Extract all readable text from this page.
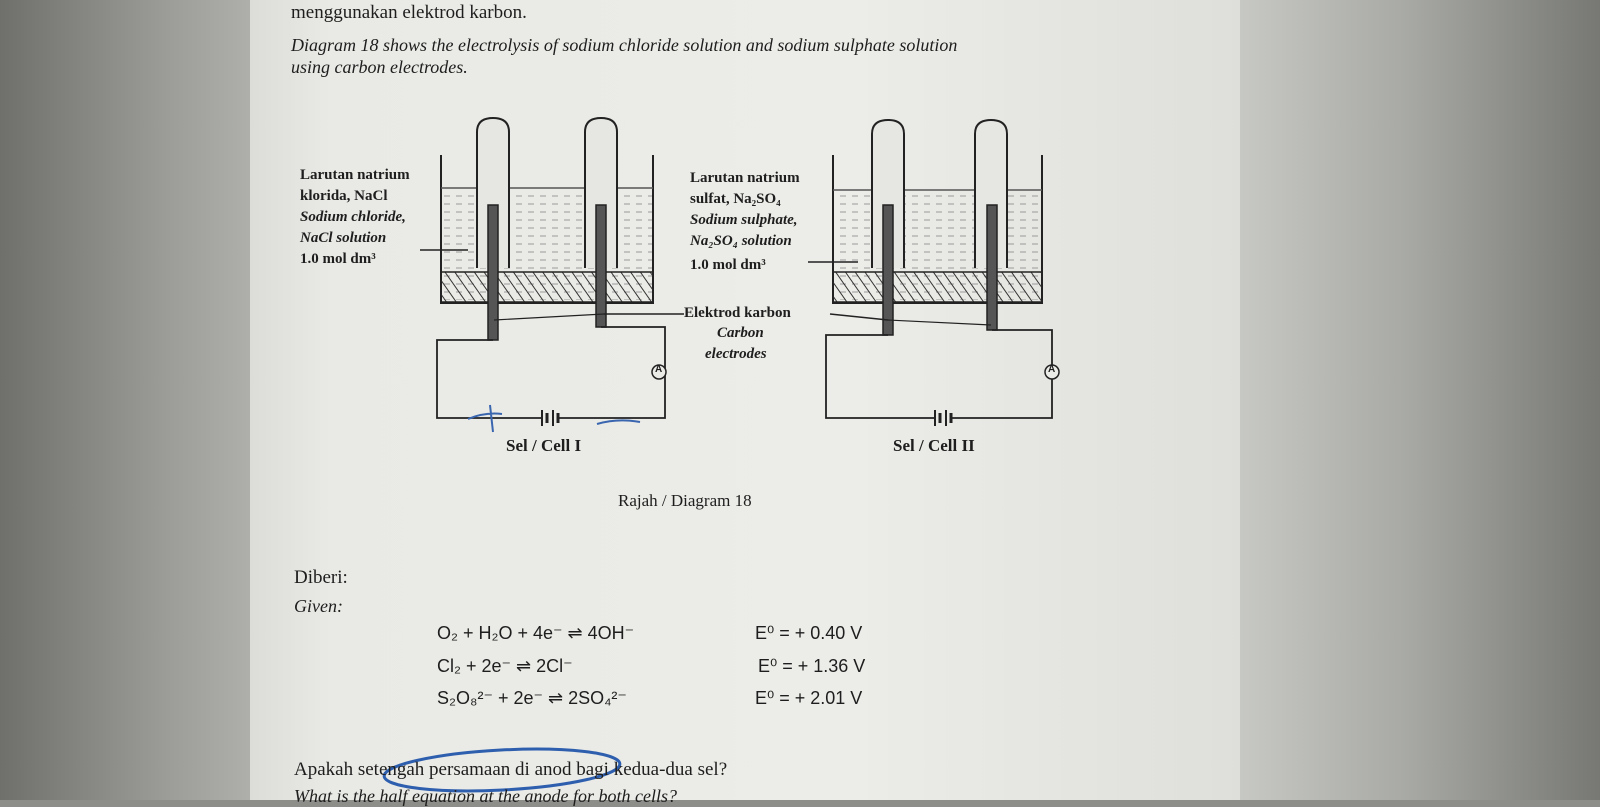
menggunakan elektrod karbon.
Diagram 18 shows the electrolysis of sodium chloride solution and sodium sulphate solution
using carbon electrodes.
Larutan natrium
klorida, NaCl
Sodium chloride,
NaCl solution
1.0 mol dm³
A
Sel / Cell I
Larutan natrium
sulfat, Na₂SO₄
Sodium sulphate,
Na₂SO₄ solution
1.0 mol dm³
A
Sel / Cell II
Elektrod karbon
Carbon
electrodes
Rajah / Diagram 18
Diberi:
Given:
O₂ + H₂O + 4e⁻ ⇌ 4OH⁻	E⁰ = + 0.40 V
Cl₂ + 2e⁻ ⇌ 2Cl⁻	E⁰ = + 1.36 V
S₂O₈²⁻ + 2e⁻ ⇌ 2SO₄²⁻	E⁰ = + 2.01 V
Apakah setengah persamaan di anod bagi kedua-dua sel?
What is the half equation at the anode for both cells?
